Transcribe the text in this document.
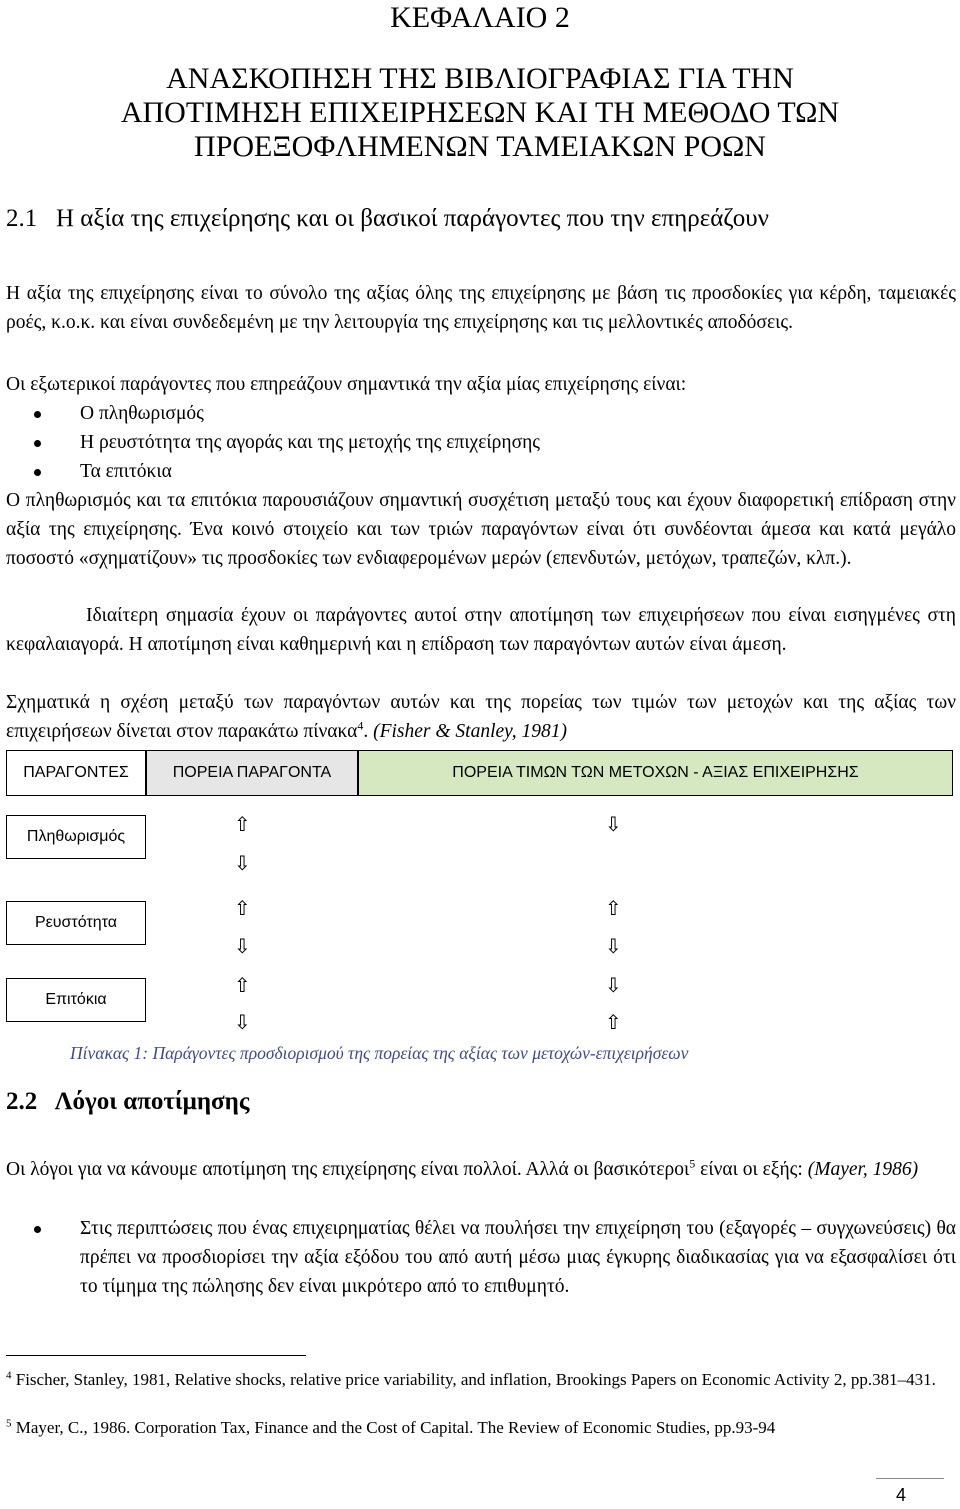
ΚΕΦΑΛΑΙΟ 2
ΑΝΑΣΚΟΠΗΣΗ ΤΗΣ ΒΙΒΛΙΟΓΡΑΦΙΑΣ ΓΙΑ ΤΗΝ
ΑΠΟΤΙΜΗΣΗ ΕΠΙΧΕΙΡΗΣΕΩΝ ΚΑΙ ΤΗ ΜΕΘΟΔΟ ΤΩΝ
ΠΡΟΕΞΟΦΛΗΜΕΝΩΝ ΤΑΜΕΙΑΚΩΝ ΡΟΩΝ
2.1   Η αξία της επιχείρησης και οι βασικοί παράγοντες που την επηρεάζουν
Η αξία της επιχείρησης είναι το σύνολο της αξίας όλης της επιχείρησης με βάση τις προσδοκίες για κέρδη, ταμειακές ροές, κ.ο.κ. και είναι συνδεδεμένη με την λειτουργία της επιχείρησης και τις μελλοντικές αποδόσεις.
Οι εξωτερικοί παράγοντες που επηρεάζουν σημαντικά την αξία μίας επιχείρησης είναι:
Ο πληθωρισμός
Η ρευστότητα της αγοράς και της μετοχής της επιχείρησης
Τα επιτόκια
Ο πληθωρισμός και τα επιτόκια παρουσιάζουν σημαντική συσχέτιση μεταξύ τους και έχουν διαφορετική επίδραση στην αξία της επιχείρησης. Ένα κοινό στοιχείο και των τριών παραγόντων είναι ότι συνδέονται άμεσα και κατά μεγάλο ποσοστό «σχηματίζουν» τις προσδοκίες των ενδιαφερομένων μερών (επενδυτών, μετόχων, τραπεζών, κλπ.).
Ιδιαίτερη σημασία έχουν οι παράγοντες αυτοί στην αποτίμηση των επιχειρήσεων που είναι εισηγμένες στη κεφαλαιαγορά. Η αποτίμηση είναι καθημερινή και η επίδραση των παραγόντων αυτών είναι άμεση.
Σχηματικά η σχέση μεταξύ των παραγόντων αυτών και της πορείας των τιμών των μετοχών και της αξίας των επιχειρήσεων δίνεται στον παρακάτω πίνακα$^4$. (Fisher & Stanley, 1981)
ΠΑΡΑΓΟΝΤΕΣ	ΠΟΡΕΙΑ ΠΑΡΑΓΟΝΤΑ	ΠΟΡΕΙΑ ΤΙΜΩΝ ΤΩΝ ΜΕΤΟΧΩΝ - ΑΞΙΑΣ ΕΠΙΧΕΙΡΗΣΗΣ
Πληθωρισμός
⇧
⇩
⇩
Ρευστότητα
⇧
⇩
⇧
⇩
Επιτόκια
⇧
⇩
⇩
⇧
Πίνακας 1: Παράγοντες προσδιορισμού της πορείας της αξίας των μετοχών-επιχειρήσεων
2.2   Λόγοι αποτίμησης
Οι λόγοι για να κάνουμε αποτίμηση της επιχείρησης είναι πολλοί. Αλλά οι βασικότεροι$^5$ είναι οι εξής: (Mayer, 1986)
Στις περιπτώσεις που ένας επιχειρηματίας θέλει να πουλήσει την επιχείρηση του (εξαγορές – συγχωνεύσεις) θα πρέπει να προσδιορίσει την αξία εξόδου του από αυτή μέσω μιας έγκυρης διαδικασίας για να εξασφαλίσει ότι το τίμημα της πώλησης δεν είναι μικρότερο από το επιθυμητό.
$^4$ Fischer, Stanley, 1981, Relative shocks, relative price variability, and inflation, Brookings Papers on Economic Activity 2, pp.381–431.
$^5$ Mayer, C., 1986. Corporation Tax, Finance and the Cost of Capital. The Review of Economic Studies, pp.93-94
4
